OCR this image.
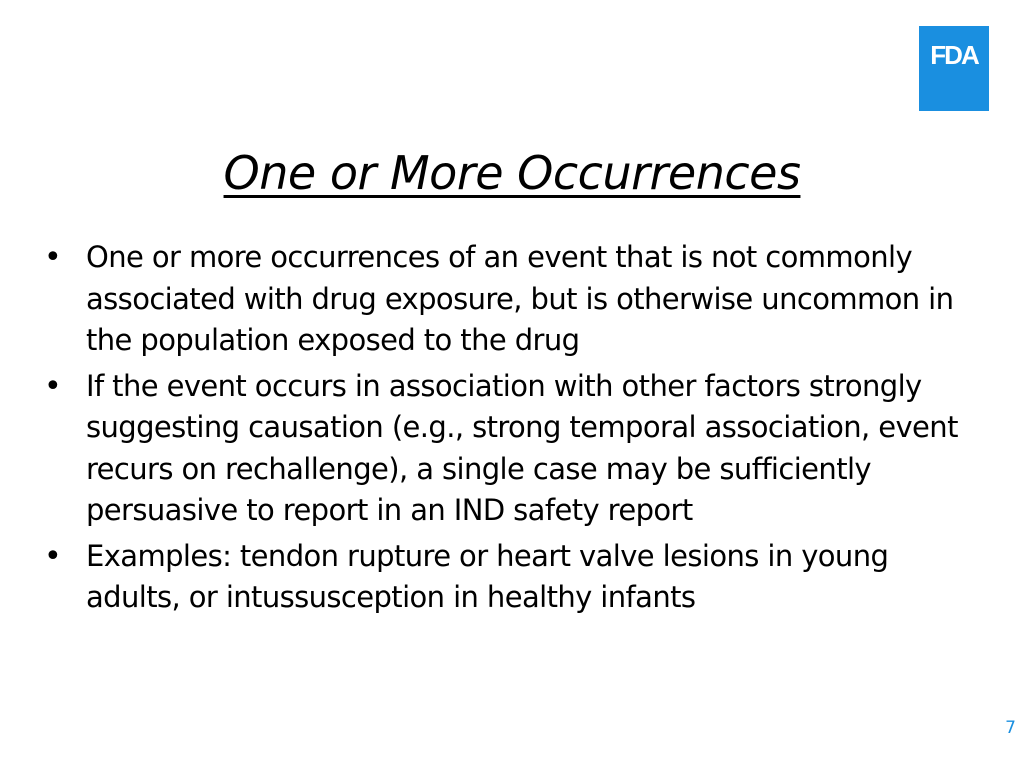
FDA
One or More Occurrences
• One or more occurrences of an event that is not commonly associated with drug exposure, but is otherwise uncommon in the population exposed to the drug
• If the event occurs in association with other factors strongly suggesting causation (e.g., strong temporal association, event recurs on rechallenge), a single case may be sufficiently persuasive to report in an IND safety report
• Examples: tendon rupture or heart valve lesions in young adults, or intussusception in healthy infants
7
